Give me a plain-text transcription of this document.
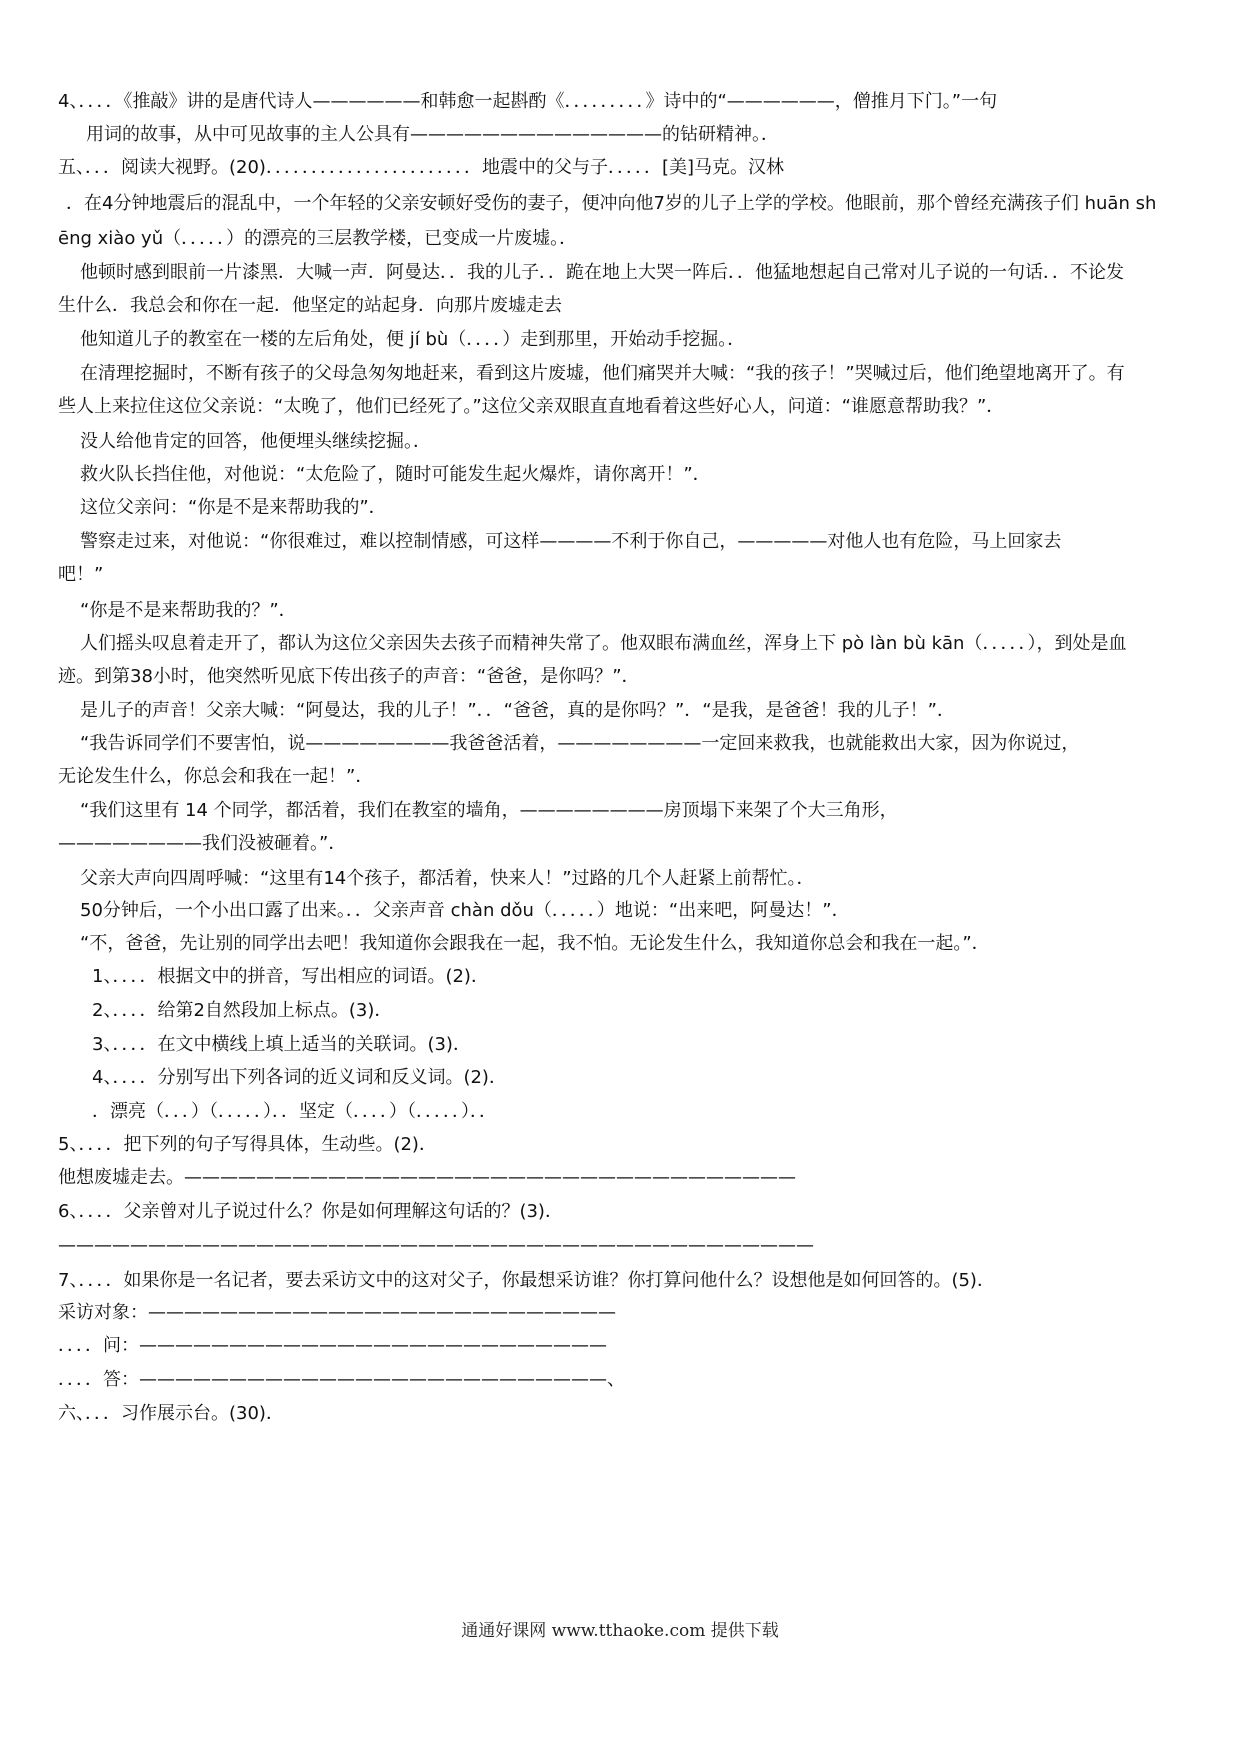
4、．．．．《推敲》讲的是唐代诗人——————和韩愈一起斟酌《．．．．．．．．．》诗中的“——————，僧推月下门。”一句
用词的故事，从中可见故事的主人公具有——————————————的钻研精神。．
五、．．．阅读大视野。(20)．．．．．．．．．．．．．．．．．．．．．．．地震中的父与子．．．．．[美]马克。汉林
．在4分钟地震后的混乱中，一个年轻的父亲安顿好受伤的妻子，便冲向他7岁的儿子上学的学校。他眼前，那个曾经充满孩子们 huān sh
ēng xiào yǔ（．．．．．）的漂亮的三层教学楼，已变成一片废墟。．
他顿时感到眼前一片漆黑．大喊一声．阿曼达．．我的儿子．．跪在地上大哭一阵后．．他猛地想起自己常对儿子说的一句话．．不论发
生什么．我总会和你在一起．他坚定的站起身．向那片废墟走去
他知道儿子的教室在一楼的左后角处，便 jí bù（．．．．）走到那里，开始动手挖掘。．
在清理挖掘时，不断有孩子的父母急匆匆地赶来，看到这片废墟，他们痛哭并大喊：“我的孩子！”哭喊过后，他们绝望地离开了。有
些人上来拉住这位父亲说：“太晚了，他们已经死了。”这位父亲双眼直直地看着这些好心人，问道：“谁愿意帮助我？”．
没人给他肯定的回答，他便埋头继续挖掘。．
救火队长挡住他，对他说：“太危险了，随时可能发生起火爆炸，请你离开！”．
这位父亲问：“你是不是来帮助我的”．
警察走过来，对他说：“你很难过，难以控制情感，可这样————不利于你自己，—————对他人也有危险，马上回家去
吧！”
“你是不是来帮助我的？”．
人们摇头叹息着走开了，都认为这位父亲因失去孩子而精神失常了。他双眼布满血丝，浑身上下 pò làn bù kān（．．．．．），到处是血
迹。到第38小时，他突然听见底下传出孩子的声音：“爸爸，是你吗？”．
是儿子的声音！父亲大喊：“阿曼达，我的儿子！”．．“爸爸，真的是你吗？”．“是我，是爸爸！我的儿子！”．
“我告诉同学们不要害怕，说————————我爸爸活着，————————一定回来救我，也就能救出大家，因为你说过，
无论发生什么，你总会和我在一起！”．
“我们这里有 14 个同学，都活着，我们在教室的墙角，————————房顶塌下来架了个大三角形，
————————我们没被砸着。”．
父亲大声向四周呼喊：“这里有14个孩子，都活着，快来人！”过路的几个人赶紧上前帮忙。．
50分钟后，一个小出口露了出来。．．父亲声音 chàn dǒu（．．．．．）地说：“出来吧，阿曼达！”．
“不，爸爸，先让别的同学出去吧！我知道你会跟我在一起，我不怕。无论发生什么，我知道你总会和我在一起。”．
1、．．．．根据文中的拼音，写出相应的词语。(2)．
2、．．．．给第2自然段加上标点。(3)．
3、．．．．在文中横线上填上适当的关联词。(3)．
4、．．．．分别写出下列各词的近义词和反义词。(2)．
．漂亮（．．．）（．．．．．）．．坚定（．．．．）（．．．．．）．．
5、．．．．把下列的句子写得具体，生动些。(2)．
他想废墟走去。——————————————————————————————————
6、．．．．父亲曾对儿子说过什么？你是如何理解这句话的？(3)．
——————————————————————————————————————————
7、．．．．如果你是一名记者，要去采访文中的这对父子，你最想采访谁？你打算问他什么？设想他是如何回答的。(5)．
采访对象：——————————————————————————
．．．．问：——————————————————————————
．．．．答：——————————————————————————、
六、．．．习作展示台。(30)．
通通好课网 www.tthaoke.com 提供下载
